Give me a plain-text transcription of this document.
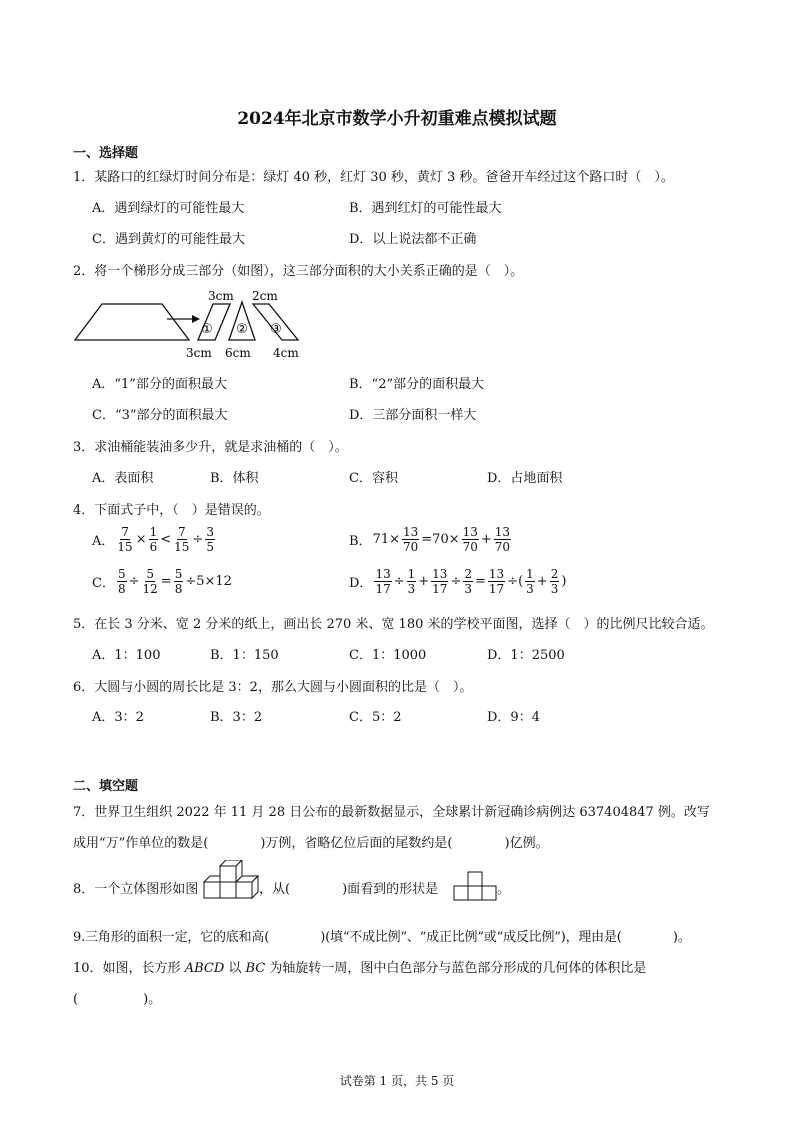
2024年北京市数学小升初重难点模拟试题
一、选择题
1．某路口的红绿灯时间分布是：绿灯 40 秒，红灯 30 秒，黄灯 3 秒。爸爸开车经过这个路口时（　）。
A．遇到绿灯的可能性最大	B．遇到红灯的可能性最大
C．遇到黄灯的可能性最大	D．以上说法都不正确
2．将一个梯形分成三部分（如图），这三部分面积的大小关系正确的是（　）。
3cm 2cm
① ② ③
3cm 6cm 4cm
A．“1”部分的面积最大	B．“2”部分的面积最大
C．“3”部分的面积最大	D．三部分面积一样大
3．求油桶能装油多少升，就是求油桶的（　）。
A．表面积	B．体积	C．容积	D．占地面积
4．下面式子中，（　）是错误的。
A． $\frac{7}{15} \times \frac{1}{6} < \frac{7}{15} \div \frac{3}{5}$	B． $71\times \frac{13}{70} =70\times \frac{13}{70} + \frac{13}{70}$
C． $\frac{5}{8} \div \frac{5}{12} = \frac{5}{8} \div 5\times 12$	D． $\frac{13}{17} \div \frac{1}{3} + \frac{13}{17} \div \frac{2}{3} = \frac{13}{17}$ ÷( $\frac{1}{3} + \frac{2}{3}$ )
5．在长 3 分米、宽 2 分米的纸上，画出长 270 米、宽 180 米的学校平面图，选择（　）的比例尺比较合适。
A．1：100	B．1：150	C．1：1000	D．1：2500
6．大圆与小圆的周长比是 3：2，那么大圆与小圆面积的比是（　）。
A．3：2	B．3：2	C．5：2	D．9：4
二、填空题
7．世界卫生组织 2022 年 11 月 28 日公布的最新数据显示，全球累计新冠确诊病例达 637404847 例。改写
成用“万”作单位的数是(　　　　)万例，省略亿位后面的尾数约是(　　　　)亿例。
8．一个立体图形如图	，从(　　　　)面看到的形状是	。
9.三角形的面积一定，它的底和高(　　　　)(填“不成比例”、“成正比例”或“成反比例”)，理由是(　　　　)。
10．如图，长方形 ABCD 以 BC 为轴旋转一周，图中白色部分与蓝色部分形成的几何体的体积比是
(　　　　　)。
试卷第 1 页，共 5 页
